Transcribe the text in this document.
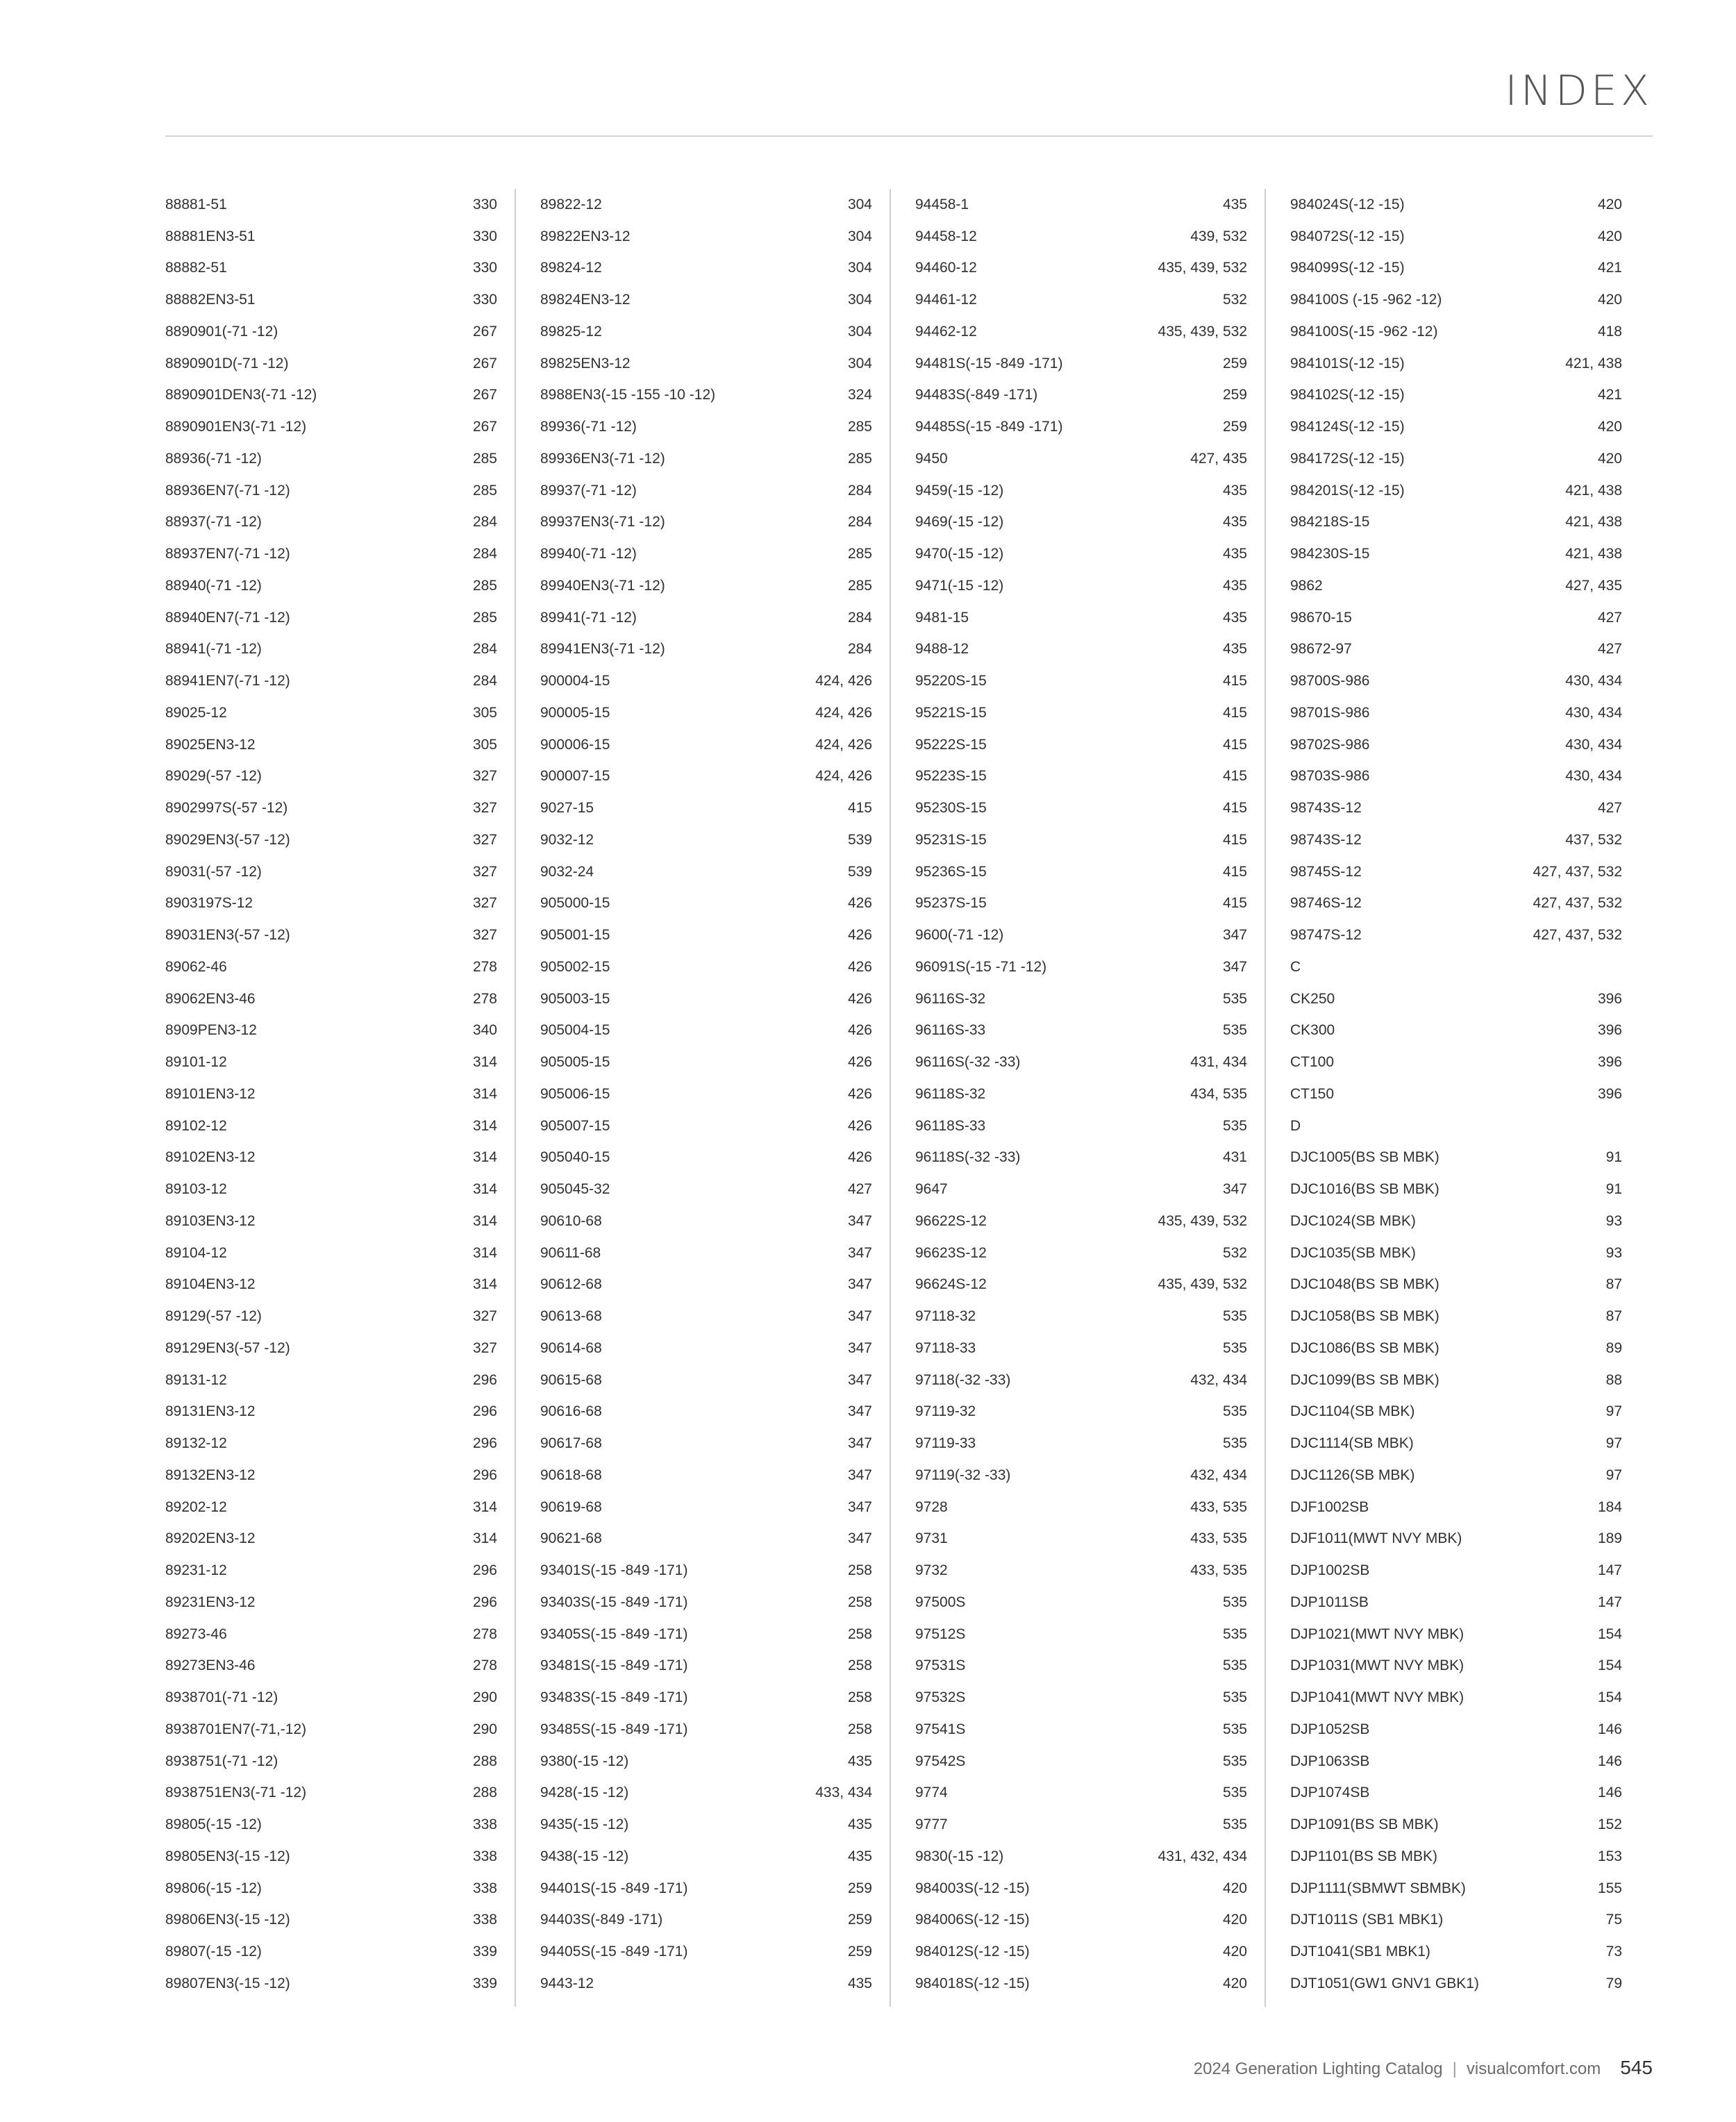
INDEX
88881-51	330
88881EN3-51	330
88882-51	330
88882EN3-51	330
8890901(-71 -12)	267
8890901D(-71 -12)	267
8890901DEN3(-71 -12)	267
8890901EN3(-71 -12)	267
88936(-71 -12)	285
88936EN7(-71 -12)	285
88937(-71 -12)	284
88937EN7(-71 -12)	284
88940(-71 -12)	285
88940EN7(-71 -12)	285
88941(-71 -12)	284
88941EN7(-71 -12)	284
89025-12	305
89025EN3-12	305
89029(-57 -12)	327
8902997S(-57 -12)	327
89029EN3(-57 -12)	327
89031(-57 -12)	327
8903197S-12	327
89031EN3(-57 -12)	327
89062-46	278
89062EN3-46	278
8909PEN3-12	340
89101-12	314
89101EN3-12	314
89102-12	314
89102EN3-12	314
89103-12	314
89103EN3-12	314
89104-12	314
89104EN3-12	314
89129(-57 -12)	327
89129EN3(-57 -12)	327
89131-12	296
89131EN3-12	296
89132-12	296
89132EN3-12	296
89202-12	314
89202EN3-12	314
89231-12	296
89231EN3-12	296
89273-46	278
89273EN3-46	278
8938701(-71 -12)	290
8938701EN7(-71,-12)	290
8938751(-71 -12)	288
8938751EN3(-71 -12)	288
89805(-15 -12)	338
89805EN3(-15 -12)	338
89806(-15 -12)	338
89806EN3(-15 -12)	338
89807(-15 -12)	339
89807EN3(-15 -12)	339
89822-12	304
89822EN3-12	304
89824-12	304
89824EN3-12	304
89825-12	304
89825EN3-12	304
8988EN3(-15 -155 -10 -12)	324
89936(-71 -12)	285
89936EN3(-71 -12)	285
89937(-71 -12)	284
89937EN3(-71 -12)	284
89940(-71 -12)	285
89940EN3(-71 -12)	285
89941(-71 -12)	284
89941EN3(-71 -12)	284
900004-15	424, 426
900005-15	424, 426
900006-15	424, 426
900007-15	424, 426
9027-15	415
9032-12	539
9032-24	539
905000-15	426
905001-15	426
905002-15	426
905003-15	426
905004-15	426
905005-15	426
905006-15	426
905007-15	426
905040-15	426
905045-32	427
90610-68	347
90611-68	347
90612-68	347
90613-68	347
90614-68	347
90615-68	347
90616-68	347
90617-68	347
90618-68	347
90619-68	347
90621-68	347
93401S(-15 -849 -171)	258
93403S(-15 -849 -171)	258
93405S(-15 -849 -171)	258
93481S(-15 -849 -171)	258
93483S(-15 -849 -171)	258
93485S(-15 -849 -171)	258
9380(-15 -12)	435
9428(-15 -12)	433, 434
9435(-15 -12)	435
9438(-15 -12)	435
94401S(-15 -849 -171)	259
94403S(-849 -171)	259
94405S(-15 -849 -171)	259
9443-12	435
94458-1	435
94458-12	439, 532
94460-12	435, 439, 532
94461-12	532
94462-12	435, 439, 532
94481S(-15 -849 -171)	259
94483S(-849 -171)	259
94485S(-15 -849 -171)	259
9450	427, 435
9459(-15 -12)	435
9469(-15 -12)	435
9470(-15 -12)	435
9471(-15 -12)	435
9481-15	435
9488-12	435
95220S-15	415
95221S-15	415
95222S-15	415
95223S-15	415
95230S-15	415
95231S-15	415
95236S-15	415
95237S-15	415
9600(-71 -12)	347
96091S(-15 -71 -12)	347
96116S-32	535
96116S-33	535
96116S(-32 -33)	431, 434
96118S-32	434, 535
96118S-33	535
96118S(-32 -33)	431
9647	347
96622S-12	435, 439, 532
96623S-12	532
96624S-12	435, 439, 532
97118-32	535
97118-33	535
97118(-32 -33)	432, 434
97119-32	535
97119-33	535
97119(-32 -33)	432, 434
9728	433, 535
9731	433, 535
9732	433, 535
97500S	535
97512S	535
97531S	535
97532S	535
97541S	535
97542S	535
9774	535
9777	535
9830(-15 -12)	431, 432, 434
984003S(-12 -15)	420
984006S(-12 -15)	420
984012S(-12 -15)	420
984018S(-12 -15)	420
984024S(-12 -15)	420
984072S(-12 -15)	420
984099S(-12 -15)	421
984100S (-15 -962 -12)	420
984100S(-15 -962 -12)	418
984101S(-12 -15)	421, 438
984102S(-12 -15)	421
984124S(-12 -15)	420
984172S(-12 -15)	420
984201S(-12 -15)	421, 438
984218S-15	421, 438
984230S-15	421, 438
9862	427, 435
98670-15	427
98672-97	427
98700S-986	430, 434
98701S-986	430, 434
98702S-986	430, 434
98703S-986	430, 434
98743S-12	427
98743S-12	437, 532
98745S-12	427, 437, 532
98746S-12	427, 437, 532
98747S-12	427, 437, 532
C
CK250	396
CK300	396
CT100	396
CT150	396
D
DJC1005(BS SB MBK)	91
DJC1016(BS SB MBK)	91
DJC1024(SB MBK)	93
DJC1035(SB MBK)	93
DJC1048(BS SB MBK)	87
DJC1058(BS SB MBK)	87
DJC1086(BS SB MBK)	89
DJC1099(BS SB MBK)	88
DJC1104(SB MBK)	97
DJC1114(SB MBK)	97
DJC1126(SB MBK)	97
DJF1002SB	184
DJF1011(MWT NVY MBK)	189
DJP1002SB	147
DJP1011SB	147
DJP1021(MWT NVY MBK)	154
DJP1031(MWT NVY MBK)	154
DJP1041(MWT NVY MBK)	154
DJP1052SB	146
DJP1063SB	146
DJP1074SB	146
DJP1091(BS SB MBK)	152
DJP1101(BS SB MBK)	153
DJP1111(SBMWT SBMBK)	155
DJT1011S (SB1 MBK1)	75
DJT1041(SB1 MBK1)	73
DJT1051(GW1 GNV1 GBK1)	79
2024 Generation Lighting Catalog | visualcomfort.com 545
